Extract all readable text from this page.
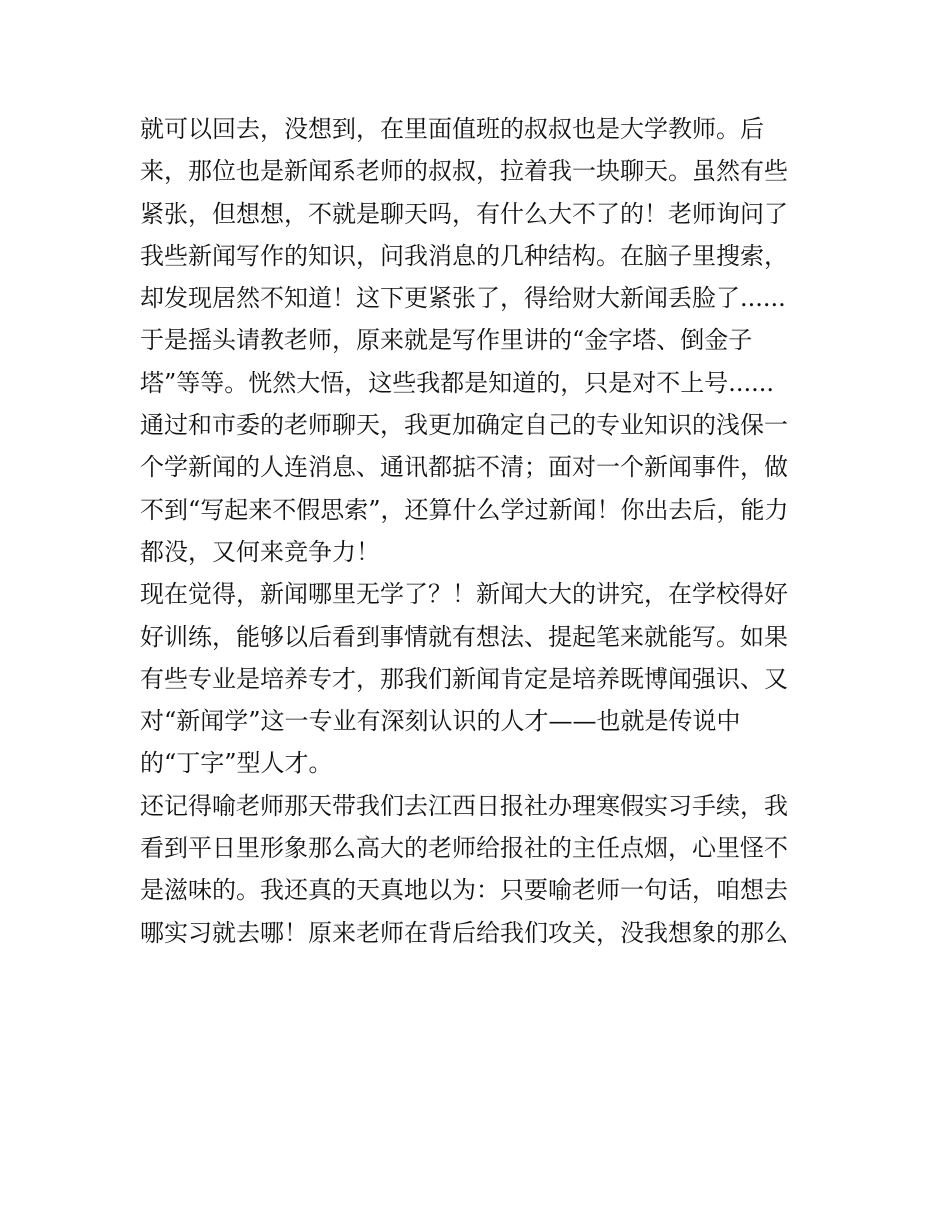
就可以回去，没想到，在里面值班的叔叔也是大学教师。后
来，那位也是新闻系老师的叔叔，拉着我一块聊天。虽然有些
紧张，但想想，不就是聊天吗，有什么大不了的！老师询问了
我些新闻写作的知识，问我消息的几种结构。在脑子里搜索，
却发现居然不知道！这下更紧张了，得给财大新闻丢脸了......
于是摇头请教老师，原来就是写作里讲的“金字塔、倒金子
塔”等等。恍然大悟，这些我都是知道的，只是对不上号......
通过和市委的老师聊天，我更加确定自己的专业知识的浅保一
个学新闻的人连消息、通讯都掂不清；面对一个新闻事件，做
不到“写起来不假思索”，还算什么学过新闻！你出去后，能力
都没，又何来竞争力！
现在觉得，新闻哪里无学了？！新闻大大的讲究，在学校得好
好训练，能够以后看到事情就有想法、提起笔来就能写。如果
有些专业是培养专才，那我们新闻肯定是培养既博闻强识、又
对“新闻学”这一专业有深刻认识的人才——也就是传说中
的“丁字”型人才。
还记得喻老师那天带我们去江西日报社办理寒假实习手续，我
看到平日里形象那么高大的老师给报社的主任点烟，心里怪不
是滋味的。我还真的天真地以为：只要喻老师一句话，咱想去
哪实习就去哪！原来老师在背后给我们攻关，没我想象的那么
